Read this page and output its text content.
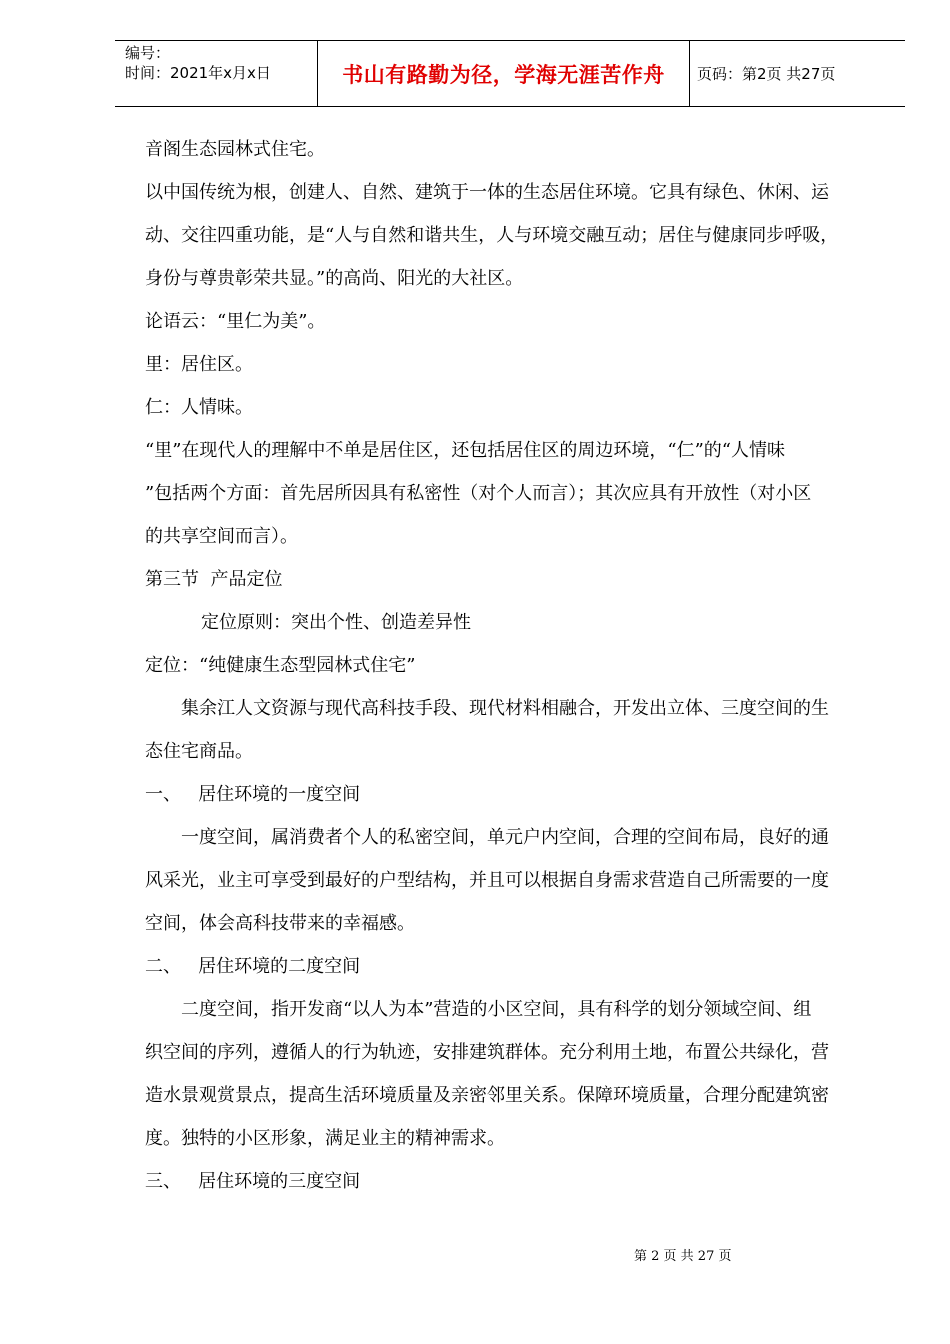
编号：
时间：2021年x月x日	书山有路勤为径，学海无涯苦作舟	页码：第2页 共27页

音阁生态园林式住宅。

以中国传统为根，创建人、自然、建筑于一体的生态居住环境。它具有绿色、休闲、运

动、交往四重功能，是“人与自然和谐共生，人与环境交融互动；居住与健康同步呼吸，

身份与尊贵彰荣共显。”的高尚、阳光的大社区。

论语云：“里仁为美”。

里：居住区。

仁：人情味。

“里”在现代人的理解中不单是居住区，还包括居住区的周边环境，“仁”的“人情味

”包括两个方面：首先居所因具有私密性（对个人而言）；其次应具有开放性（对小区

的共享空间而言）。

第三节  产品定位

定位原则：突出个性、创造差异性

定位：“纯健康生态型园林式住宅”

集余江人文资源与现代高科技手段、现代材料相融合，开发出立体、三度空间的生

态住宅商品。

一、   居住环境的一度空间

一度空间，属消费者个人的私密空间，单元户内空间，合理的空间布局，良好的通

风采光，业主可享受到最好的户型结构，并且可以根据自身需求营造自己所需要的一度

空间，体会高科技带来的幸福感。

二、   居住环境的二度空间

二度空间，指开发商“以人为本”营造的小区空间，具有科学的划分领域空间、组

织空间的序列，遵循人的行为轨迹，安排建筑群体。充分利用土地，布置公共绿化，营

造水景观赏景点，提高生活环境质量及亲密邻里关系。保障环境质量，合理分配建筑密

度。独特的小区形象，满足业主的精神需求。

三、   居住环境的三度空间

第 2 页 共 27 页
